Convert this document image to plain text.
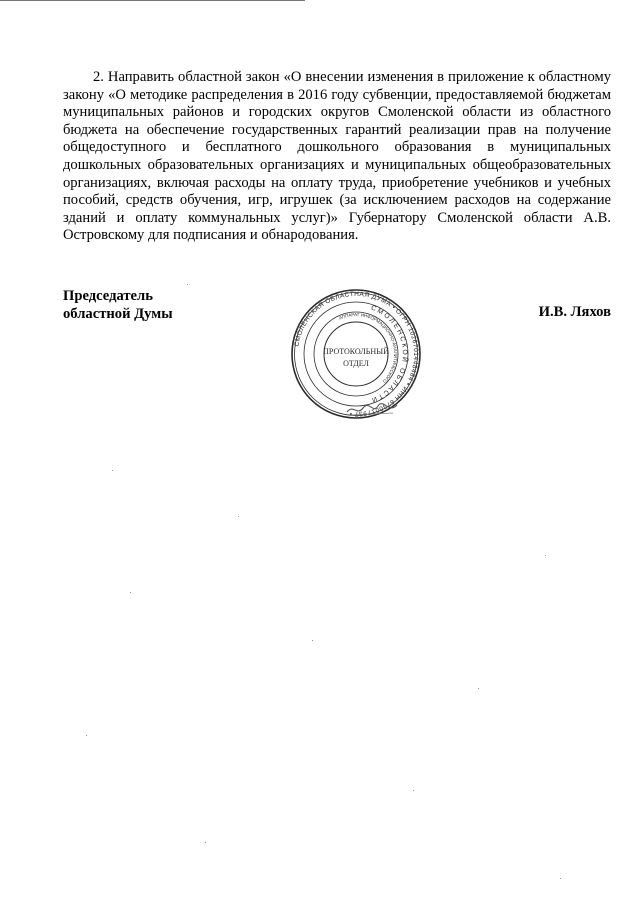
2. Направить областной закон «О внесении изменения в приложение к областному закону «О методике распределения в 2016 году субвенции, предоставляемой бюджетам муниципальных районов и городских округов Смоленской области из областного бюджета на обеспечение государственных гарантий реализации прав на получение общедоступного и бесплатного дошкольного образования в муниципальных дошкольных образовательных организациях и муниципальных общеобразовательных организациях, включая расходы на оплату труда, приобретение учебников и учебных пособий, средств обучения, игр, игрушек (за исключением расходов на содержание зданий и оплату коммунальных услуг)» Губернатору Смоленской области А.В. Островскому для подписания и обнародования.

Председатель
областной Думы	И.В. Ляхов
СМОЛЕНСКАЯ ОБЛАСТНАЯ ДУМА • ОГРН 1026701448484 • ИНН 6730017937 •
СМОЛЕНСКОЙ ОБЛАСТИ
АППАРАТ ИНФОРМАЦИОННО-АНАЛИТИЧЕСКОГО
ПРОТОКОЛЬНЫЙ
ОТДЕЛ
